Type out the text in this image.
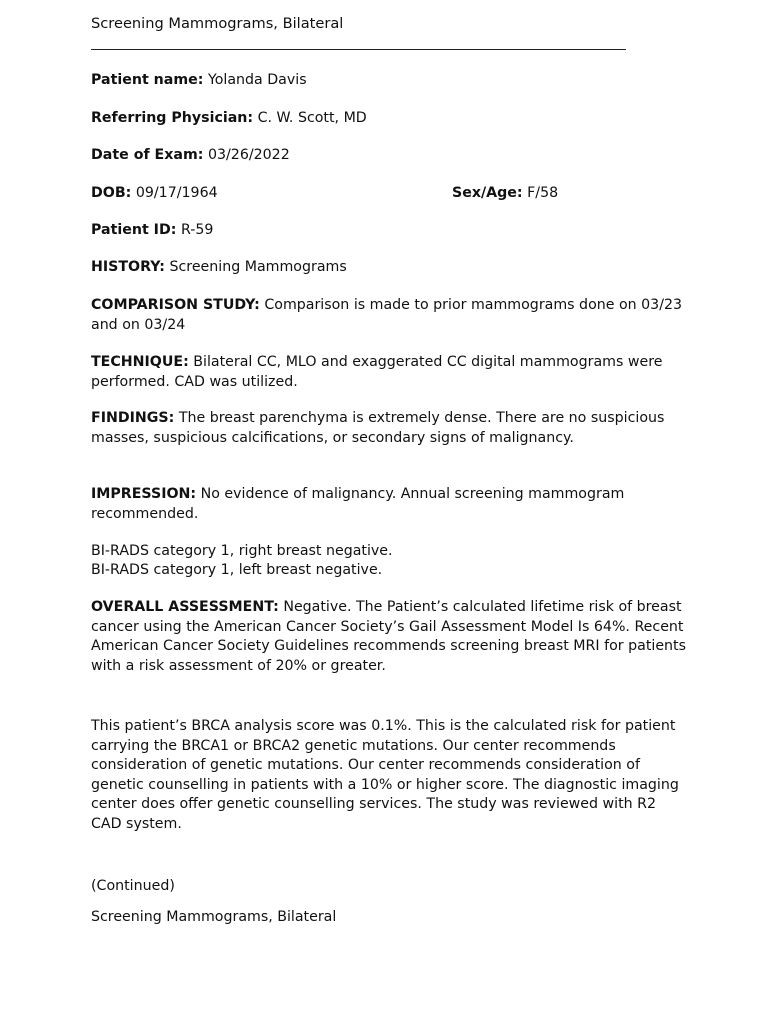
Screening Mammograms, Bilateral
Patient name: Yolanda Davis
Referring Physician: C. W. Scott, MD
Date of Exam: 03/26/2022
DOB: 09/17/1964	Sex/Age: F/58
Patient ID: R-59
HISTORY: Screening Mammograms
COMPARISON STUDY: Comparison is made to prior mammograms done on 03/23 and on 03/24
TECHNIQUE: Bilateral CC, MLO and exaggerated CC digital mammograms were performed. CAD was utilized.
FINDINGS: The breast parenchyma is extremely dense. There are no suspicious masses, suspicious calcifications, or secondary signs of malignancy.
IMPRESSION: No evidence of malignancy. Annual screening mammogram recommended.
BI-RADS category 1, right breast negative.
BI-RADS category 1, left breast negative.
OVERALL ASSESSMENT: Negative. The Patient’s calculated lifetime risk of breast cancer using the American Cancer Society’s Gail Assessment Model Is 64%. Recent American Cancer Society Guidelines recommends screening breast MRI for patients with a risk assessment of 20% or greater.
This patient’s BRCA analysis score was 0.1%. This is the calculated risk for patient carrying the BRCA1 or BRCA2 genetic mutations. Our center recommends consideration of genetic mutations. Our center recommends consideration of genetic counselling in patients with a 10% or higher score. The diagnostic imaging center does offer genetic counselling services. The study was reviewed with R2 CAD system.
(Continued)
Screening Mammograms, Bilateral
